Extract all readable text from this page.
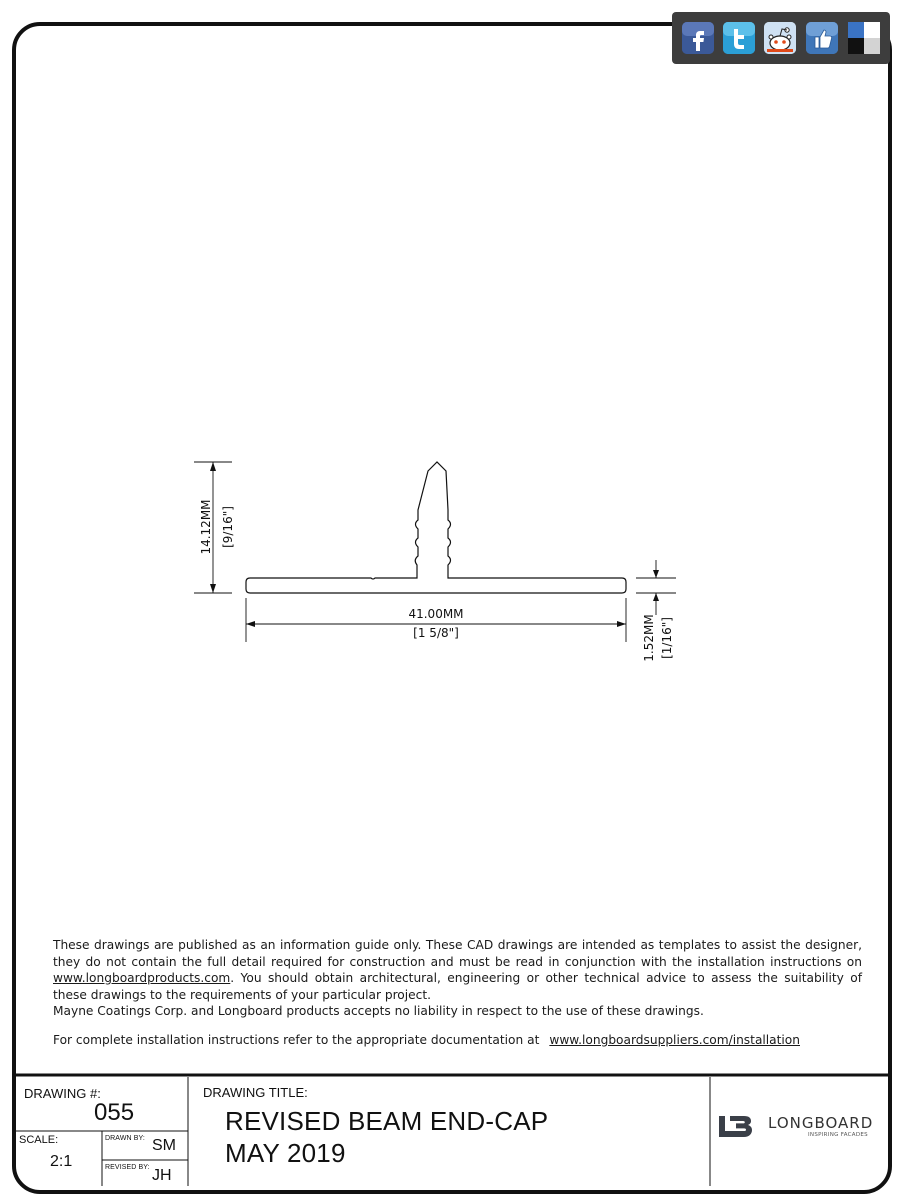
14.12MM [9/16"]
41.00MM
[1 5/8"]	1.52MM [1/16"]

These drawings are published as an information guide only. These CAD drawings are intended as templates to assist the designer, they do not contain the full detail required for construction and must be read in conjunction with the installation instructions on www.longboardproducts.com. You should obtain architectural, engineering or other technical advice to assess the suitability of these drawings to the requirements of your particular project.

Mayne Coatings Corp. and Longboard products accepts no liability in respect to the use of these drawings.

For complete installation instructions refer to the appropriate documentation at www.longboardsuppliers.com/installation
DRAWING #:
055
SCALE:
2:1
DRAWN BY: SM
REVISED BY: JH
DRAWING TITLE:
REVISED BEAM END-CAP
MAY 2019
LONGBOARD
INSPIRING FACADES
